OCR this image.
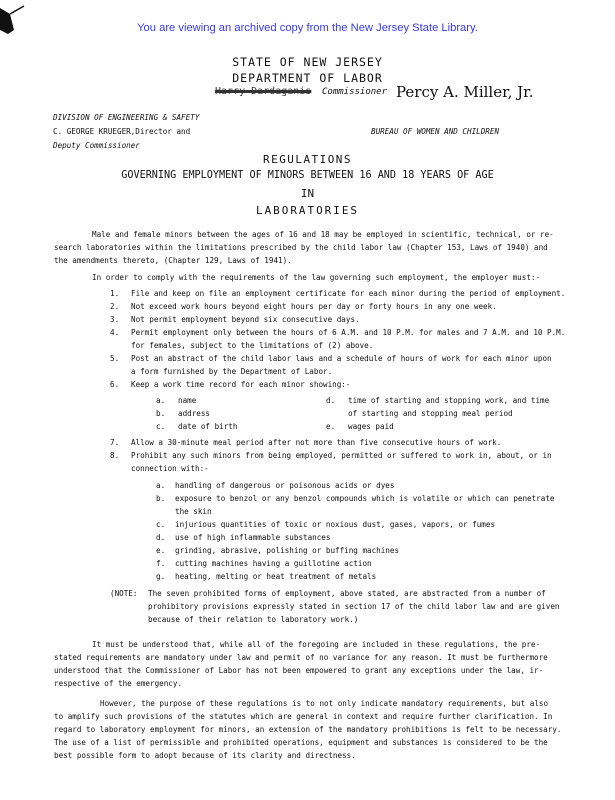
You are viewing an archived copy from the New Jersey State Library.
STATE OF NEW JERSEY
DEPARTMENT OF LABOR
Harry Dardaganis Commissioner Percy A. Miller, Jr.
DIVISION OF ENGINEERING & SAFETY
C. GEORGE KRUEGER,Director and
Deputy Commissioner
BUREAU OF WOMEN AND CHILDREN
REGULATIONS
GOVERNING EMPLOYMENT OF MINORS BETWEEN 16 AND 18 YEARS OF AGE
IN
LABORATORIES
Male and female minors between the ages of 16 and 18 may be employed in scientific, technical, or re-
search laboratories within the limitations prescribed by the child labor law (Chapter 153, Laws of 1940) and
the amendments thereto, (Chapter 129, Laws of 1941).
In order to comply with the requirements of the law governing such employment, the employer must:-
1. File and keep on file an employment certificate for each minor during the period of employment.
2. Not exceed work hours beyond eight hours per day or forty hours in any one week.
3. Not permit employment beyond six consecutive days.
4. Permit employment only between the hours of 6 A.M. and 10 P.M. for males and 7 A.M. and 10 P.M.
for females, subject to the limitations of (2) above.
5. Post an abstract of the child labor laws and a schedule of hours of work for each minor upon
a form furnished by the Department of Labor.
6. Keep a work time record for each minor showing:-
a. name
b. address
c. date of birth
d. time of starting and stopping work, and time
of starting and stopping meal period
e. wages paid
7. Allow a 30-minute meal period after not more than five consecutive hours of work.
8. Prohibit any such minors from being employed, permitted or suffered to work in, about, or in
connection with:-
a. handling of dangerous or poisonous acids or dyes
b. exposure to benzol or any benzol compounds which is volatile or which can penetrate
the skin
c. injurious quantities of toxic or noxious dust, gases, vapors, or fumes
d. use of high inflammable substances
e. grinding, abrasive, polishing or buffing machines
f. cutting machines having a guillotine action
g. heating, melting or heat treatment of metals
(NOTE: The seven prohibited forms of employment, above stated, are abstracted from a number of
prohibitory provisions expressly stated in section 17 of the child labor law and are given
because of their relation to laboratory work.)
It must be understood that, while all of the foregoing are included in these regulations, the pre-
stated requirements are mandatory under law and permit of no variance for any reason. It must be furthermore
understood that the Commissioner of Labor has not been empowered to grant any exceptions under the law, ir-
respective of the emergency.
However, the purpose of these regulations is to not only indicate mandatory requirements, but also
to amplify such provisions of the statutes which are general in context and require further clarification. In
regard to laboratory employment for minors, an extension of the mandatory prohibitions is felt to be necessary.
The use of a list of permissible and prohibited operations, equipment and substances is considered to be the
best possible form to adopt because of its clarity and directness.
